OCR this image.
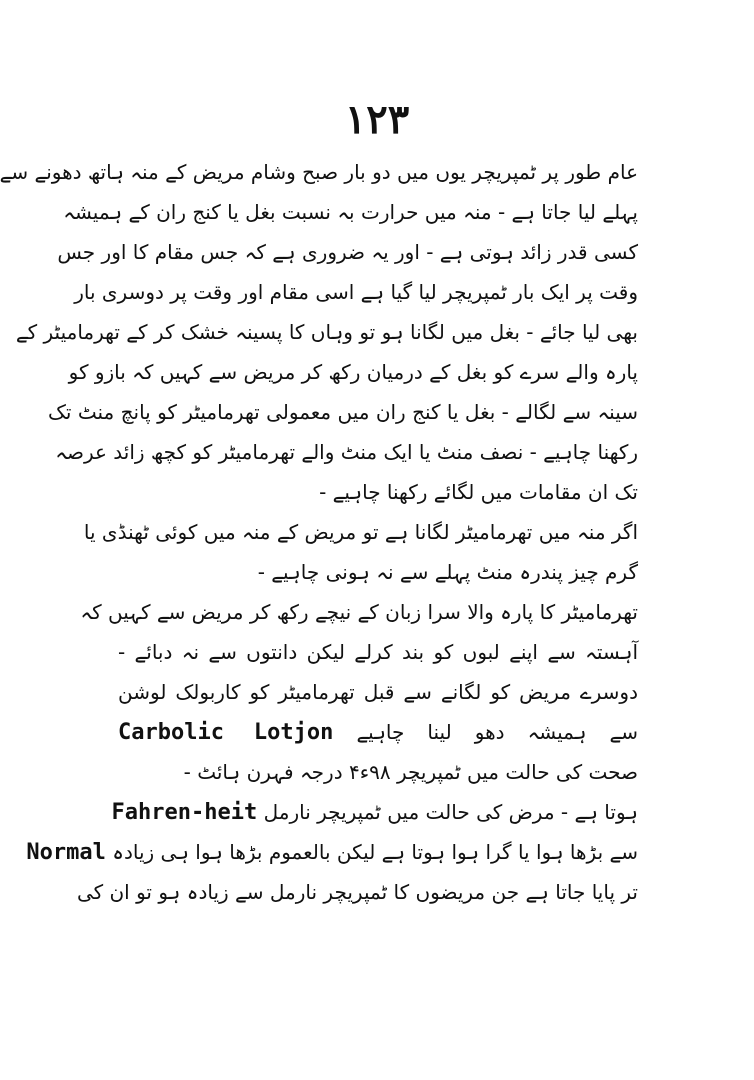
۱۲۳
عام طور پر ٹمپریچر یوں میں دو بار صبح وشام مریض کے منہ ہاتھ دھونے سے
پہلے لیا جاتا ہے - منہ میں حرارت بہ نسبت بغل یا کنج ران کے ہمیشہ
کسی قدر زائد ہوتی ہے - اور یہ ضروری ہے کہ جس مقام کا اور جس
وقت پر ایک بار ٹمپریچر لیا گیا ہے اسی مقام اور وقت پر دوسری بار
بھی لیا جائے - بغل میں لگانا ہو تو وہاں کا پسینہ خشک کر کے تھرمامیٹر کے
پارہ والے سرے کو بغل کے درمیان رکھ کر مریض سے کہیں کہ بازو کو
سینہ سے لگالے - بغل یا کنج ران میں معمولی تھرمامیٹر کو پانچ منٹ تک
رکھنا چاہیے - نصف منٹ یا ایک منٹ والے تھرمامیٹر کو کچھ زائد عرصہ
تک ان مقامات میں لگائے رکھنا چاہیے -
اگر منہ میں تھرمامیٹر لگانا ہے تو مریض کے منہ میں کوئی ٹھنڈی یا
گرم چیز پندرہ منٹ پہلے سے نہ ہونی چاہیے -
تھرمامیٹر کا پارہ والا سرا زبان کے نیچے رکھ کر مریض سے کہیں کہ
آہستہ سے اپنے لبوں کو بند کرلے لیکن دانتوں سے نہ دبائے -
دوسرے مریض کو لگانے سے قبل تھرمامیٹر کو کاربولک لوشن
سے ہمیشہ دھو لینا چاہیے Carbolic Lotjon
صحت کی حالت میں ٹمپریچر ۹۸ء۴ درجہ فہرن ہائٹ -
ہوتا ہے - مرض کی حالت میں ٹمپریچر نارمل Fahren-heit
سے بڑھا ہوا یا گرا ہوا ہوتا ہے لیکن بالعموم بڑھا ہوا ہی زیادہ Normal
تر پایا جاتا ہے جن مریضوں کا ٹمپریچر نارمل سے زیادہ ہو تو ان کی
